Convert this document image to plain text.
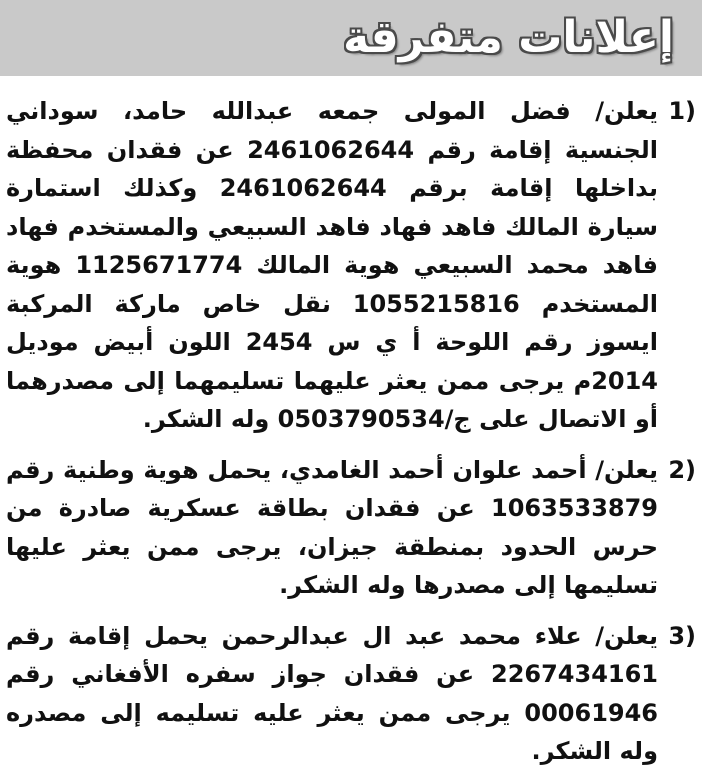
إعلانات متفرقة
1)

يعلن/ فضل المولى جمعه عبدالله حامد، سوداني الجنسية إقامة رقم 2461062644 عن فقدان محفظة بداخلها إقامة برقم 2461062644 وكذلك استمارة سيارة المالك فاهد فهاد فاهد السبيعي والمستخدم فهاد فاهد محمد السبيعي هوية المالك 1125671774 هوية المستخدم 1055215816 نقل خاص ماركة المركبة ايسوز رقم اللوحة أ ي س 2454 اللون أبيض موديل 2014م يرجى ممن يعثر عليهما تسليمهما إلى مصدرهما أو الاتصال على ج/0503790534 وله الشكر.

2)

يعلن/ أحمد علوان أحمد الغامدي، يحمل هوية وطنية رقم 1063533879 عن فقدان بطاقة عسكرية صادرة من حرس الحدود بمنطقة جيزان، يرجى ممن يعثر عليها تسليمها إلى مصدرها وله الشكر.

3)

يعلن/ علاء محمد عبد ال عبدالرحمن يحمل إقامة رقم 2267434161 عن فقدان جواز سفره الأفغاني رقم 00061946 يرجى ممن يعثر عليه تسليمه إلى مصدره وله الشكر.
